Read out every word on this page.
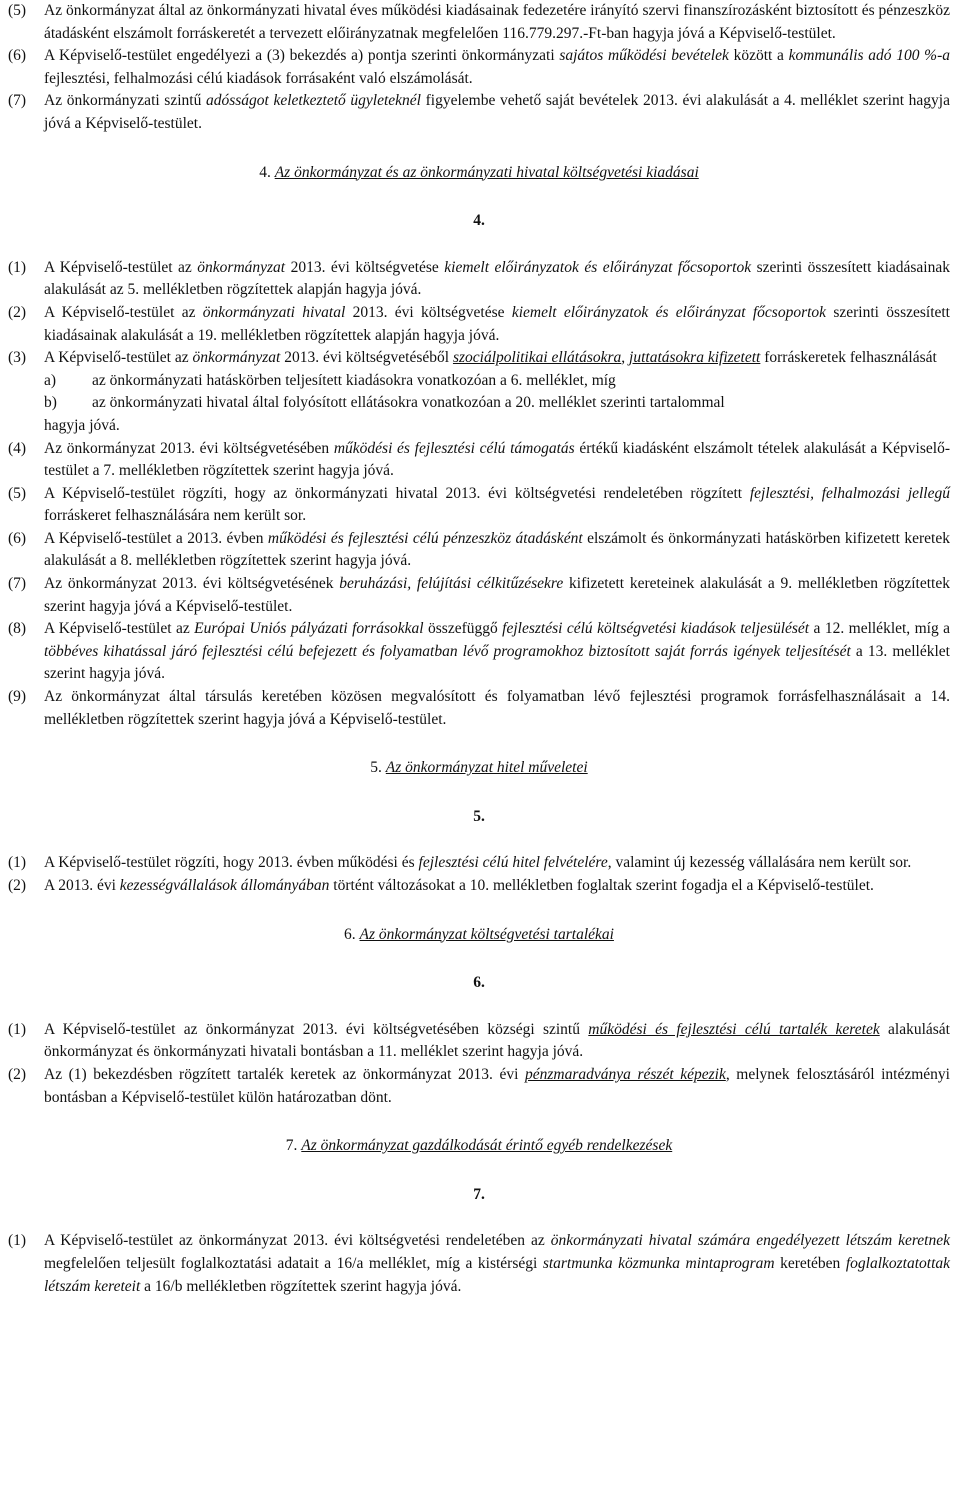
(5)	Az önkormányzat által az önkormányzati hivatal éves működési kiadásainak fedezetére irányító szervi finanszírozásként biztosított és pénzeszköz átadásként elszámolt forráskeretét a tervezett előirányzatnak megfelelően 116.779.297.-Ft-ban hagyja jóvá a Képviselő-testület.
(6)	A Képviselő-testület engedélyezi a (3) bekezdés a) pontja szerinti önkormányzati sajátos működési bevételek között a kommunális adó 100 %-a fejlesztési, felhalmozási célú kiadások forrásaként való elszámolását.
(7)	Az önkormányzati szintű adósságot keletkeztető ügyleteknél figyelembe vehető saját bevételek 2013. évi alakulását a 4. melléklet szerint hagyja jóvá a Képviselő-testület.
4. Az önkormányzat és az önkormányzati hivatal költségvetési kiadásai
4.
(1)	A Képviselő-testület az önkormányzat 2013. évi költségvetése kiemelt előirányzatok és előirányzat főcsoportok szerinti összesített kiadásainak alakulását az 5. mellékletben rögzítettek alapján hagyja jóvá.
(2)	A Képviselő-testület az önkormányzati hivatal 2013. évi költségvetése kiemelt előirányzatok és előirányzat főcsoportok szerinti összesített kiadásainak alakulását a 19. mellékletben rögzítettek alapján hagyja jóvá.
(3)	A Képviselő-testület az önkormányzat 2013. évi költségvetéséből szociálpolitikai ellátásokra, juttatásokra kifizetett forráskeretek felhasználását
a)	az önkormányzati hatáskörben teljesített kiadásokra vonatkozóan a 6. melléklet, míg
b)	az önkormányzati hivatal által folyósított ellátásokra vonatkozóan a 20. melléklet szerinti tartalommal
hagyja jóvá.
(4)	Az önkormányzat 2013. évi költségvetésében működési és fejlesztési célú támogatás értékű kiadásként elszámolt tételek alakulását a Képviselő-testület a 7. mellékletben rögzítettek szerint hagyja jóvá.
(5)	A Képviselő-testület rögzíti, hogy az önkormányzati hivatal 2013. évi költségvetési rendeletében rögzített fejlesztési, felhalmozási jellegű forráskeret felhasználására nem került sor.
(6)	A Képviselő-testület a 2013. évben működési és fejlesztési célú pénzeszköz átadásként elszámolt és önkormányzati hatáskörben kifizetett keretek alakulását a 8. mellékletben rögzítettek szerint hagyja jóvá.
(7)	Az önkormányzat 2013. évi költségvetésének beruházási, felújítási célkitűzésekre kifizetett kereteinek alakulását a 9. mellékletben rögzítettek szerint hagyja jóvá a Képviselő-testület.
(8)	A Képviselő-testület az Európai Uniós pályázati forrásokkal összefüggő fejlesztési célú költségvetési kiadások teljesülését a 12. melléklet, míg a többéves kihatással járó fejlesztési célú befejezett és folyamatban lévő programokhoz biztosított saját forrás igények teljesítését a 13. melléklet szerint hagyja jóvá.
(9)	Az önkormányzat által társulás keretében közösen megvalósított és folyamatban lévő fejlesztési programok forrásfelhasználásait a 14. mellékletben rögzítettek szerint hagyja jóvá a Képviselő-testület.
5. Az önkormányzat hitel műveletei
5.
(1)	A Képviselő-testület rögzíti, hogy 2013. évben működési és fejlesztési célú hitel felvételére, valamint új kezesség vállalására nem került sor.
(2)	A 2013. évi kezességvállalások állományában történt változásokat a 10. mellékletben foglaltak szerint fogadja el a Képviselő-testület.
6. Az önkormányzat költségvetési tartalékai
6.
(1)	A Képviselő-testület az önkormányzat 2013. évi költségvetésében községi szintű működési és fejlesztési célú tartalék keretek alakulását önkormányzat és önkormányzati hivatali bontásban a 11. melléklet szerint hagyja jóvá.
(2)	Az (1) bekezdésben rögzített tartalék keretek az önkormányzat 2013. évi pénzmaradványa részét képezik, melynek felosztásáról intézményi bontásban a Képviselő-testület külön határozatban dönt.
7. Az önkormányzat gazdálkodását érintő egyéb rendelkezések
7.
(1)	A Képviselő-testület az önkormányzat 2013. évi költségvetési rendeletében az önkormányzati hivatal számára engedélyezett létszám keretnek megfelelően teljesült foglalkoztatási adatait a 16/a melléklet, míg a kistérségi startmunka közmunka mintaprogram keretében foglalkoztatottak létszám kereteit a 16/b mellékletben rögzítettek szerint hagyja jóvá.
